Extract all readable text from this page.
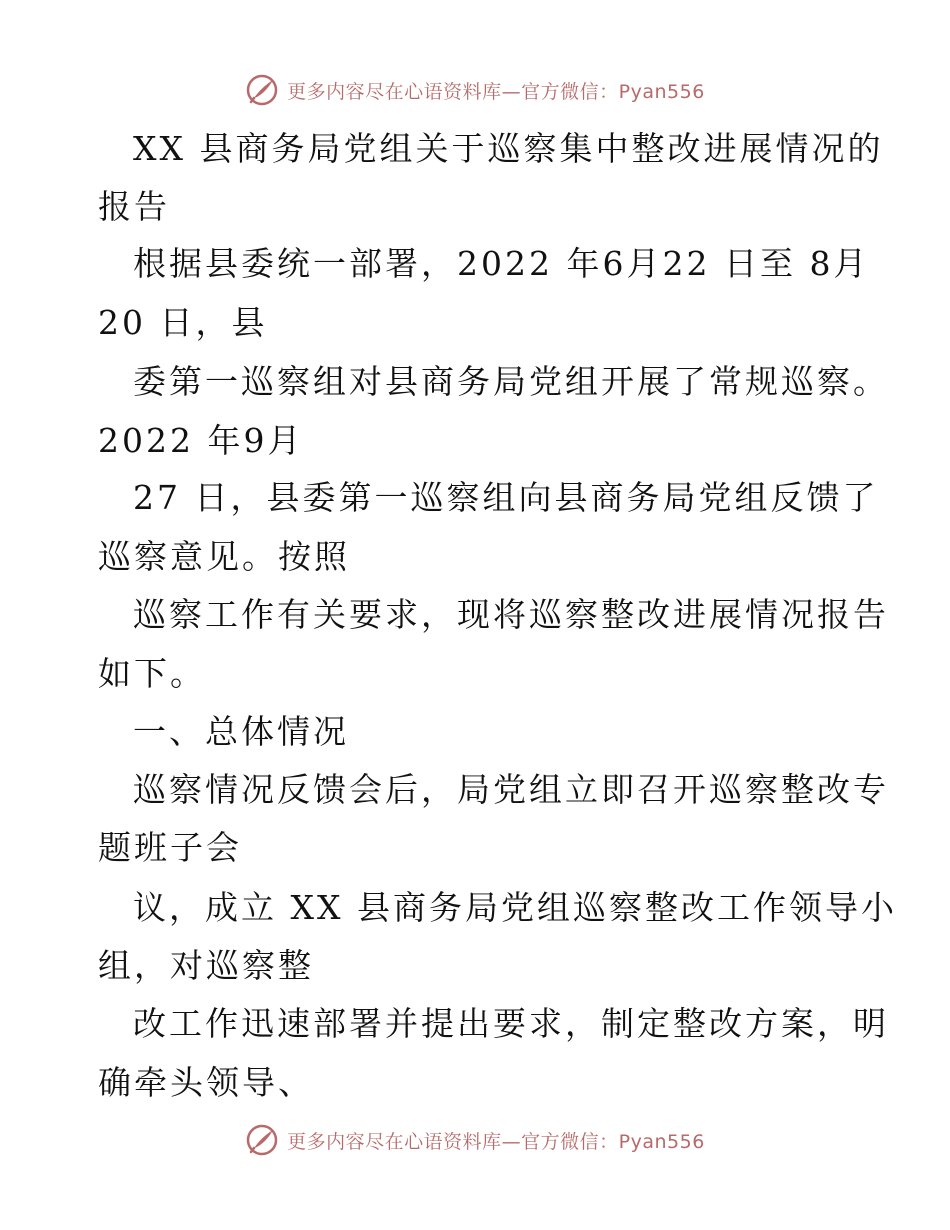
更多内容尽在心语资料库—官方微信：Pyan556
XX 县商务局党组关于巡察集中整改进展情况的
报告
根据县委统一部署，2022 年6月22 日至 8月
20 日，县
委第一巡察组对县商务局党组开展了常规巡察。
2022 年9月
27 日，县委第一巡察组向县商务局党组反馈了
巡察意见。按照
巡察工作有关要求，现将巡察整改进展情况报告
如下。
一、总体情况
巡察情况反馈会后，局党组立即召开巡察整改专
题班子会
议，成立 XX 县商务局党组巡察整改工作领导小
组，对巡察整
改工作迅速部署并提出要求，制定整改方案，明
确牵头领导、
更多内容尽在心语资料库—官方微信：Pyan556
